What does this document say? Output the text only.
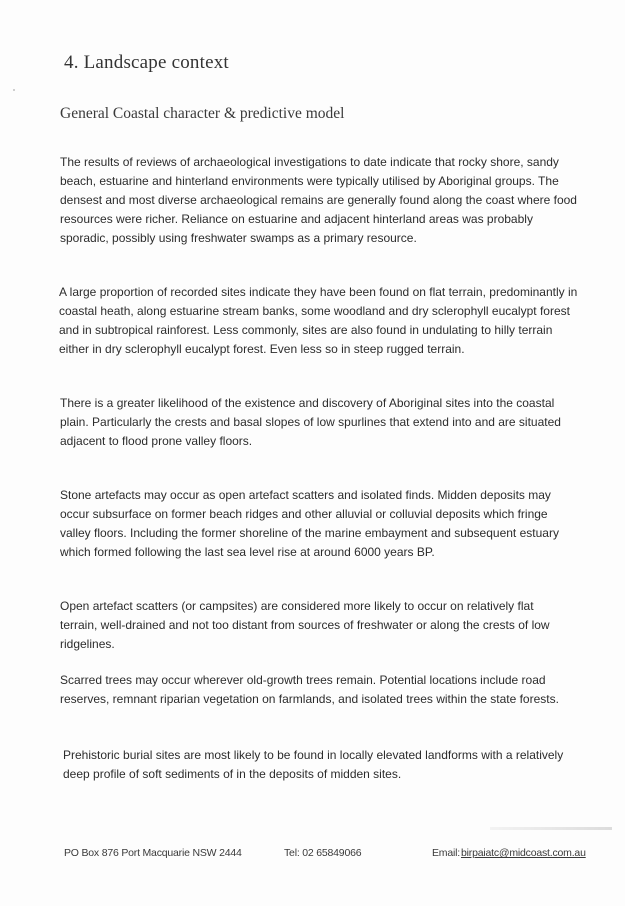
4. Landscape context
General Coastal character & predictive model

The results of reviews of archaeological investigations to date indicate that rocky shore, sandy beach, estuarine and hinterland environments were typically utilised by Aboriginal groups. The densest and most diverse archaeological remains are generally found along the coast where food resources were richer. Reliance on estuarine and adjacent hinterland areas was probably sporadic, possibly using freshwater swamps as a primary resource.

A large proportion of recorded sites indicate they have been found on flat terrain, predominantly in coastal heath, along estuarine stream banks, some woodland and dry sclerophyll eucalypt forest and in subtropical rainforest. Less commonly, sites are also found in undulating to hilly terrain either in dry sclerophyll eucalypt forest. Even less so in steep rugged terrain.

There is a greater likelihood of the existence and discovery of Aboriginal sites into the coastal plain. Particularly the crests and basal slopes of low spurlines that extend into and are situated adjacent to flood prone valley floors.

Stone artefacts may occur as open artefact scatters and isolated finds. Midden deposits may occur subsurface on former beach ridges and other alluvial or colluvial deposits which fringe valley floors. Including the former shoreline of the marine embayment and subsequent estuary which formed following the last sea level rise at around 6000 years BP.

Open artefact scatters (or campsites) are considered more likely to occur on relatively flat terrain, well-drained and not too distant from sources of freshwater or along the crests of low ridgelines.

Scarred trees may occur wherever old-growth trees remain. Potential locations include road reserves, remnant riparian vegetation on farmlands, and isolated trees within the state forests.

Prehistoric burial sites are most likely to be found in locally elevated landforms with a relatively deep profile of soft sediments of in the deposits of midden sites.

PO Box 876 Port Macquarie NSW 2444	Tel: 02 65849066	Email: birpaiatc@midcoast.com.au
